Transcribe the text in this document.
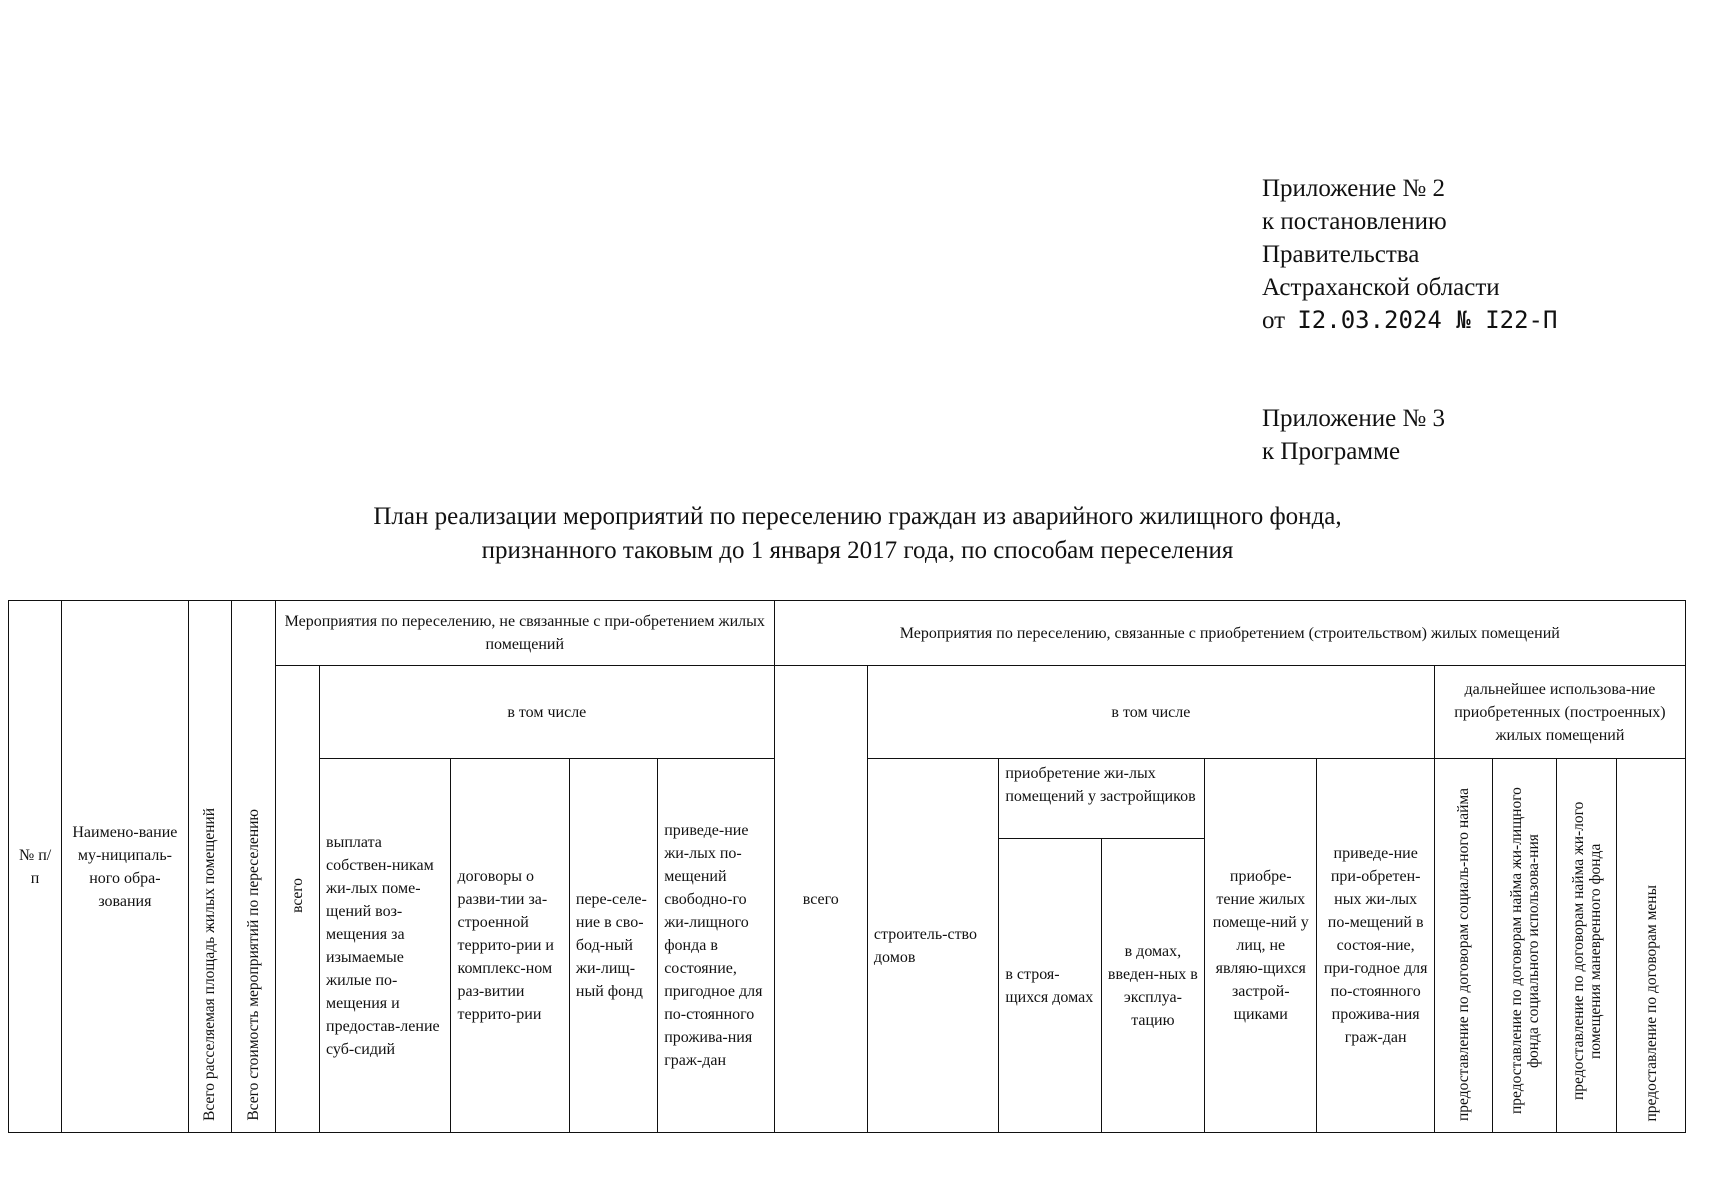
Приложение № 2
к постановлению
Правительства
Астраханской области
от I2.03.2024 № I22-П
Приложение № 3
к Программе
План реализации мероприятий по переселению граждан из аварийного жилищного фонда,
признанного таковым до 1 января 2017 года, по способам переселения
№ п/п	Наимено-вание му-ниципаль-ного обра-зования	Всего расселяемая площадь жилых помещений	Всего стоимость мероприятий по переселению	Мероприятия по переселению, не связанные с при-обретением жилых помещений					Мероприятия по переселению, связанные с приобретением (строительством) жилых помещений									
				всего	в том числе				всего	в том числе					дальнейшее использова-ние приобретенных (построенных) жилых помещений			
					выплата собствен-никам жи-лых поме-щений воз-мещения за изымаемые жилые по-мещения и предостав-ление суб-сидий	договоры о разви-тии за-строенной террито-рии и комплекс-ном раз-витии террито-рии	пере-селе-ние в сво-бод-ный жи-лищ-ный фонд	приведе-ние жи-лых по-мещений свободно-го жи-лищного фонда в состояние, пригодное для по-стоянного прожива-ния граж-дан		строитель-ство домов	приобретение жи-лых помещений у застройщиков		приобре-тение жилых помеще-ний у лиц, не являю-щихся застрой-щиками	приведе-ние при-обретен-ных жи-лых по-мещений в состоя-ние, при-годное для по-стоянного прожива-ния граж-дан	предоставление по договорам социаль-ного найма	предоставление по договорам найма жи-лищного фонда социального использова-ния	предоставление по договорам найма жи-лого помещения маневренного фонда	предоставление по договорам мены
											в строя-щихся домах	в домах, введен-ных в эксплуа-тацию						
